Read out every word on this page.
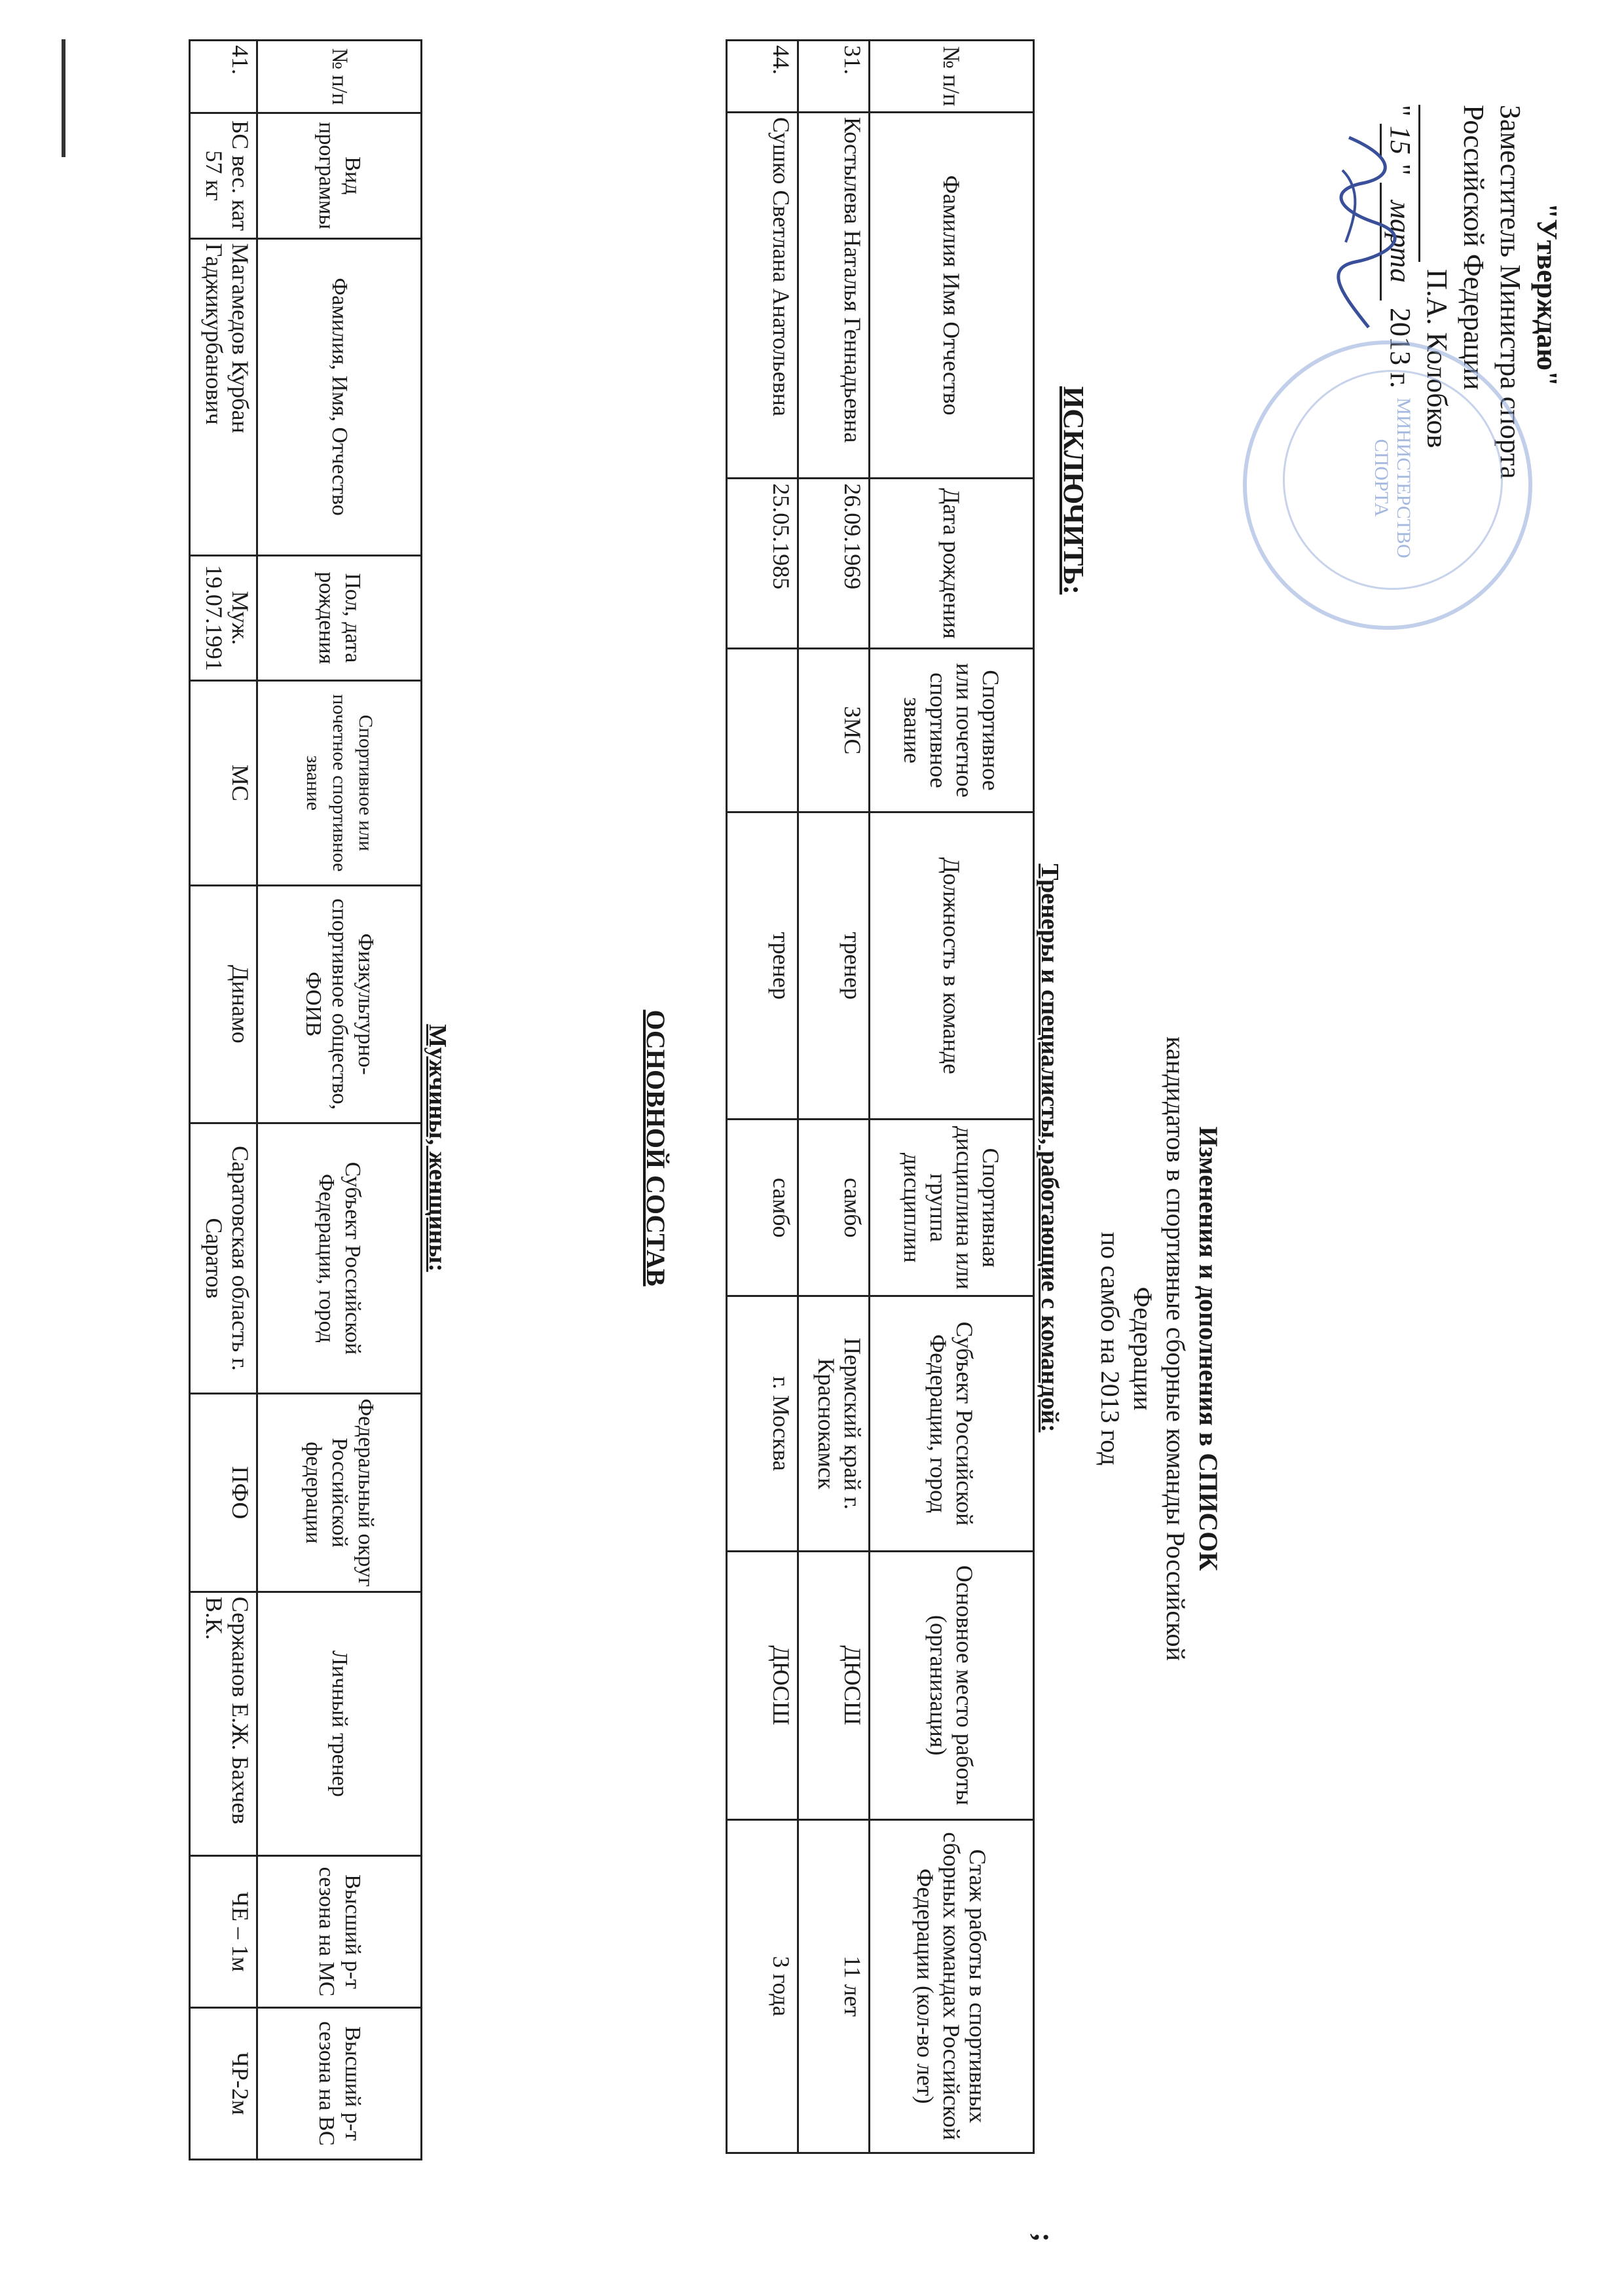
"Утверждаю"
Заместитель Министра спорта
Российской Федерации
П.А. Колобков
" 15 " марта 2013 г.
МИНИСТЕРСТВО СПОРТА
Изменения и дополнения в СПИСОК
кандидатов в спортивные сборные команды Российской Федерации
по самбо на 2013 год
ИСКЛЮЧИТЬ:
Тренеры и специалисты, работающие с командой:
№ п/п	Фамилия Имя Отчество	Дата рождения	Спортивное или почетное спортивное звание	Должность в команде	Спортивная дисциплина или группа дисциплин	Субъект Российской Федерации, город	Основное место работы (организация)	Стаж работы в спортивных сборных командах Российской Федерации (кол-во лет)
31.	Костылева Наталья Геннадьевна	26.09.1969	ЗМС	тренер	самбо	Пермский край г. Краснокамск	ДЮСШ	11 лет
44.	Сушко Светлана Анатольевна	25.05.1985		тренер	самбо	г. Москва	ДЮСШ	3 года
ОСНОВНОЙ СОСТАВ
Мужчины, женщины:
№ п/п	Вид программы	Фамилия, Имя, Отчество	Пол, дата рождения	Спортивное или почетное спортивное звание	Физкультурно-спортивное общество, ФОИВ	Субъект Российской Федерации, город	Федеральный округ Российской федерации	Личный тренер	Высший р-т сезона на МС	Высший р-т сезона на ВС
41.	БС вес. кат 57 кг	Магамедов Курбан Гаджикурбанович	Муж. 19.07.1991	МС	Динамо	Саратовская область г. Саратов	ПФО	Сержанов Е.Ж. Бахчев В.К.	ЧЕ – 1м	ЧР-2м
;
